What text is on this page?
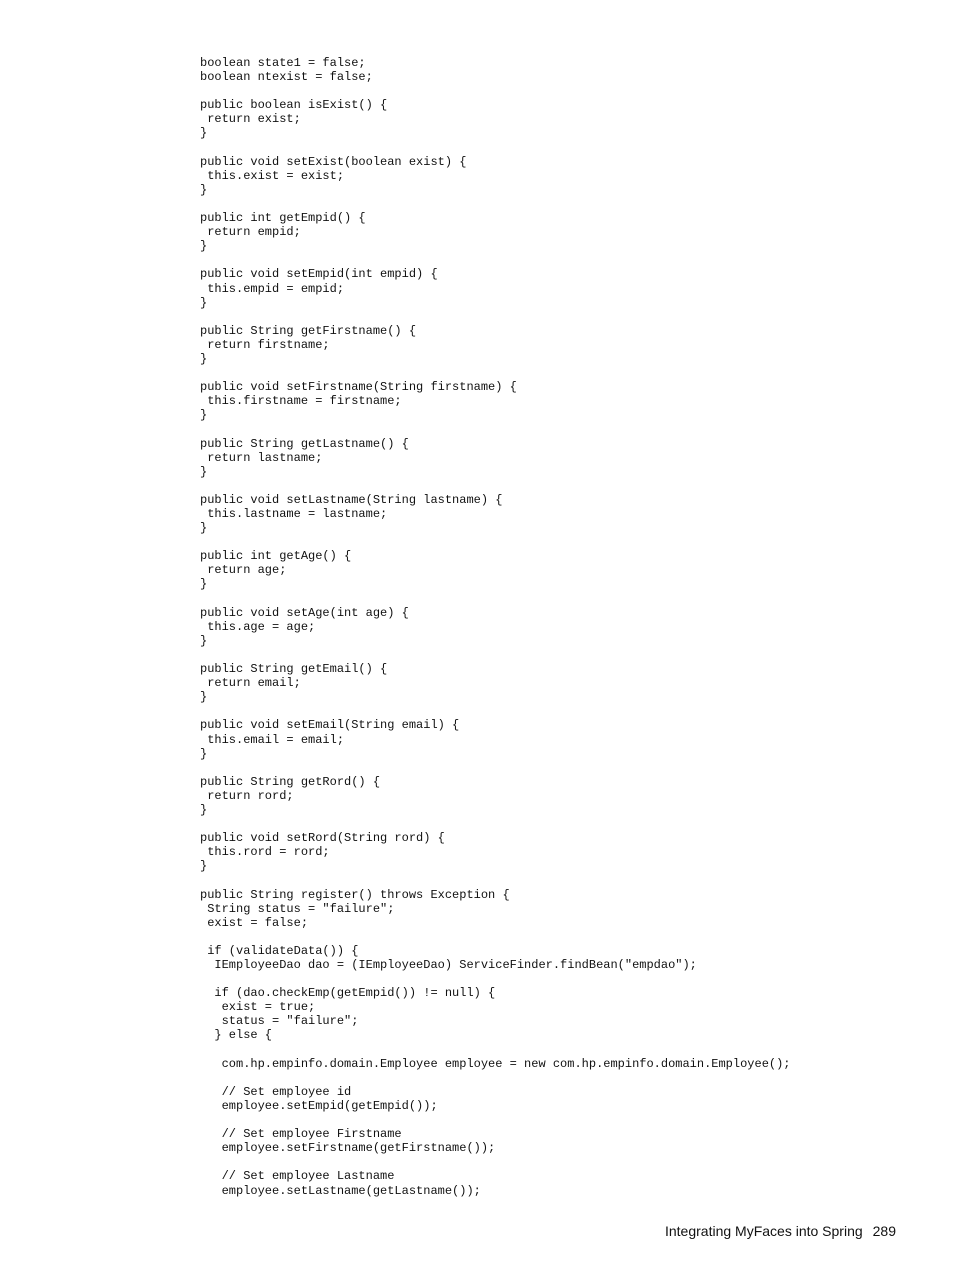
boolean state1 = false;
boolean ntexist = false;
public boolean isExist() {
return exist;
}
public void setExist(boolean exist) {
this.exist = exist;
}
public int getEmpid() {
return empid;
}
public void setEmpid(int empid) {
this.empid = empid;
}
public String getFirstname() {
return firstname;
}
public void setFirstname(String firstname) {
this.firstname = firstname;
}
public String getLastname() {
return lastname;
}
public void setLastname(String lastname) {
this.lastname = lastname;
}
public int getAge() {
return age;
}
public void setAge(int age) {
this.age = age;
}
public String getEmail() {
return email;
}
public void setEmail(String email) {
this.email = email;
}
public String getRord() {
return rord;
}
public void setRord(String rord) {
this.rord = rord;
}
public String register() throws Exception {
String status = "failure";
exist = false;
if (validateData()) {
IEmployeeDao dao = (IEmployeeDao) ServiceFinder.findBean("empdao");
if (dao.checkEmp(getEmpid()) != null) {
exist = true;
status = "failure";
} else {
com.hp.empinfo.domain.Employee employee = new com.hp.empinfo.domain.Employee();
// Set employee id
employee.setEmpid(getEmpid());
// Set employee Firstname
employee.setFirstname(getFirstname());
// Set employee Lastname
employee.setLastname(getLastname());
Integrating MyFaces into Spring 289
